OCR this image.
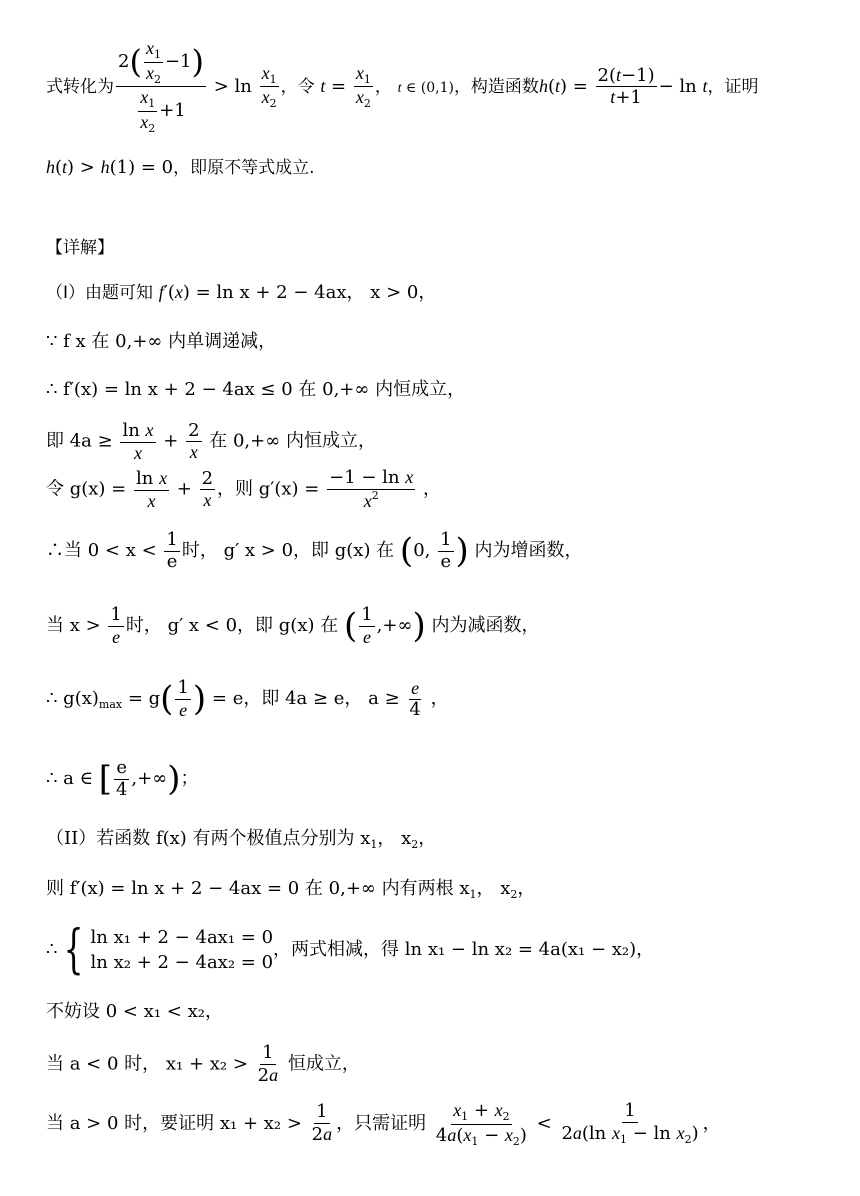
式转化为 $\frac{2( \frac{x_1}{x_2} -1)}{\frac{x_1}{x_2} +1} > \ln \frac{x_1}{x_2}$ ，令 $t = \frac{x_1}{x_2}$ ， t ∈ (0,1)，构造函数$h(t) = \frac{2(t-1)}{t+1} - \ln t$，证明
h(t) > h(1) = 0，即原不等式成立.
【详解】
（I）由题可知 f′(x) = ln x + 2 − 4ax， x > 0，
∵ f x 在 0,+∞ 内单调递减，
∴ f′(x) = ln x + 2 − 4ax ≤ 0 在 0,+∞ 内恒成立，
即 $4a \ge \frac{\text{ln x}}{x} + \frac{2}{x}$ 在 0,+∞ 内恒成立，
令 $g(x) = \frac{\text{ln x}}{x} + \frac{2}{x}$ ，则 $g'(x) = \frac{\text{−1 − ln x}}{x^2}$ ，
∴当 $0 < x < \frac{1}{e}$ 时， g′ x > 0，即 g(x) 在 (0, $\frac{1}{e}$ ) 内为增函数，
当 $x > \frac{1}{e}$ 时， g′ x < 0，即 g(x) 在 ( $\frac{1}{e}$ ,+∞) 内为减函数，
∴ $g(x)_{max} = g( \frac{1}{e}$ ) = e，即 4a ≥ e， $a \ge \frac{e}{4}$ ，
∴ a ∈ [ $\frac{e}{4}$ ,+∞)；
（II）若函数 f(x) 有两个极值点分别为 $x_1$， $x_2$，
则 f′(x) = ln x + 2 − 4ax = 0 在 0,+∞ 内有两根 $x_1$， $x_2$，
∴ { ln x₁ + 2 − 4ax₁ = 0
ln x₂ + 2 − 4ax₂ = 0
，两式相减，得 ln x₁ − ln x₂ = 4a(x₁ − x₂)，
不妨设 0 < x₁ < x₂，
当 a < 0 时， $x_1 + x_2 > \frac{1}{2a}$ 恒成立，
当 a > 0 时，要证明 $x_1 + x_2 > \frac{1}{2a}$ ，只需证明 $\frac{x_1 + x_2}{4a(x_1 - x_2)} < \frac{1}{2a(\ln x_1 - \ln x_2)}$ ，
